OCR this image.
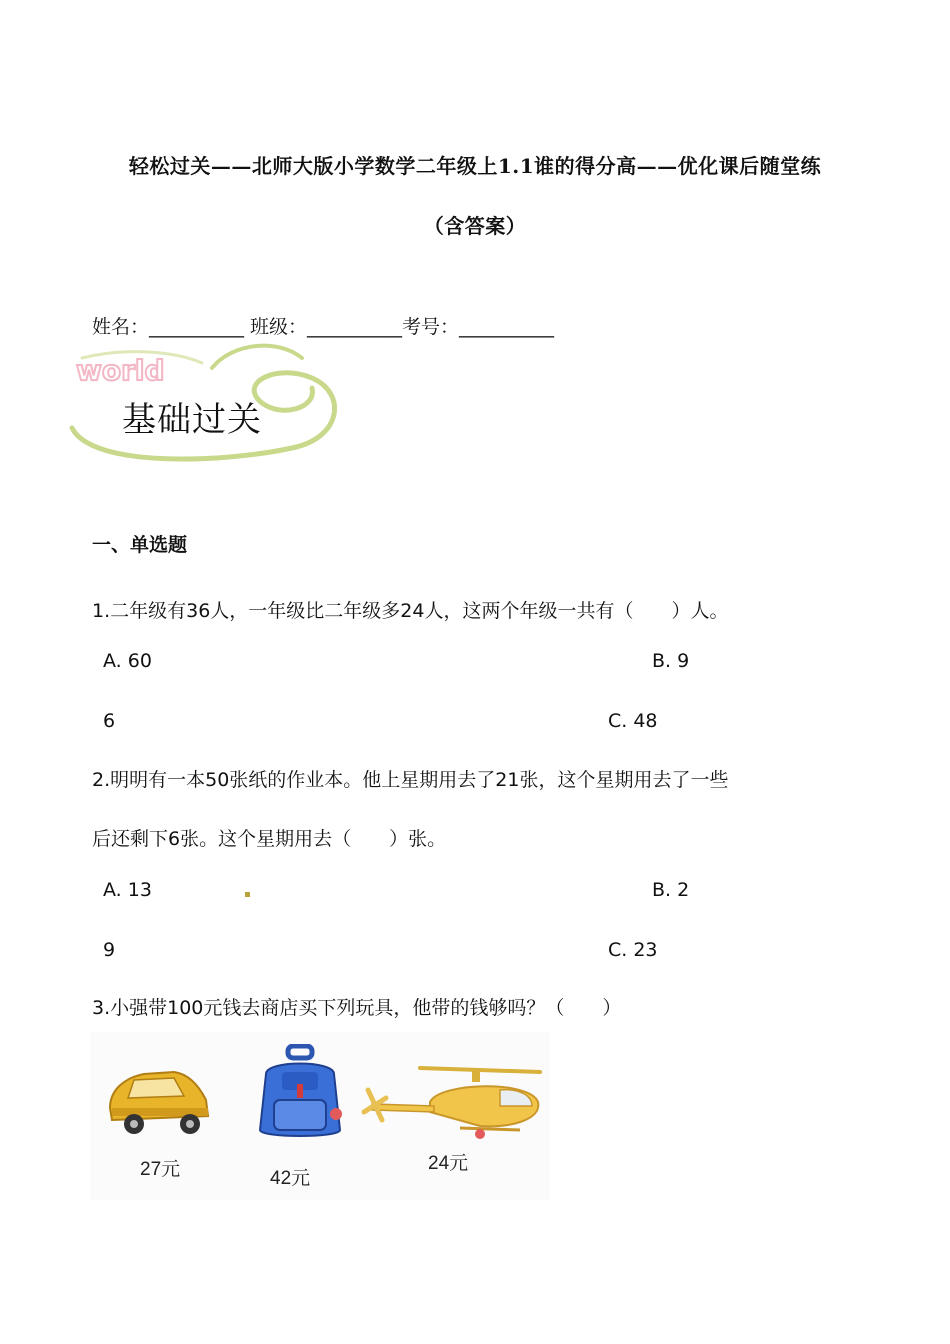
轻松过关——北师大版小学数学二年级上1.1谁的得分高——优化课后随堂练
（含答案）
姓名：__________ 班级：__________考号：__________
world
基础过关
一、单选题
1.二年级有36人，一年级比二年级多24人，这两个年级一共有（　　）人。
A. 60	B. 9
6	C. 48
2.明明有一本50张纸的作业本。他上星期用去了21张，这个星期用去了一些
后还剩下6张。这个星期用去（　　）张。
A. 13	B. 2
9	C. 23
3.小强带100元钱去商店买下列玩具，他带的钱够吗？（　　）
27元	42元
24元
